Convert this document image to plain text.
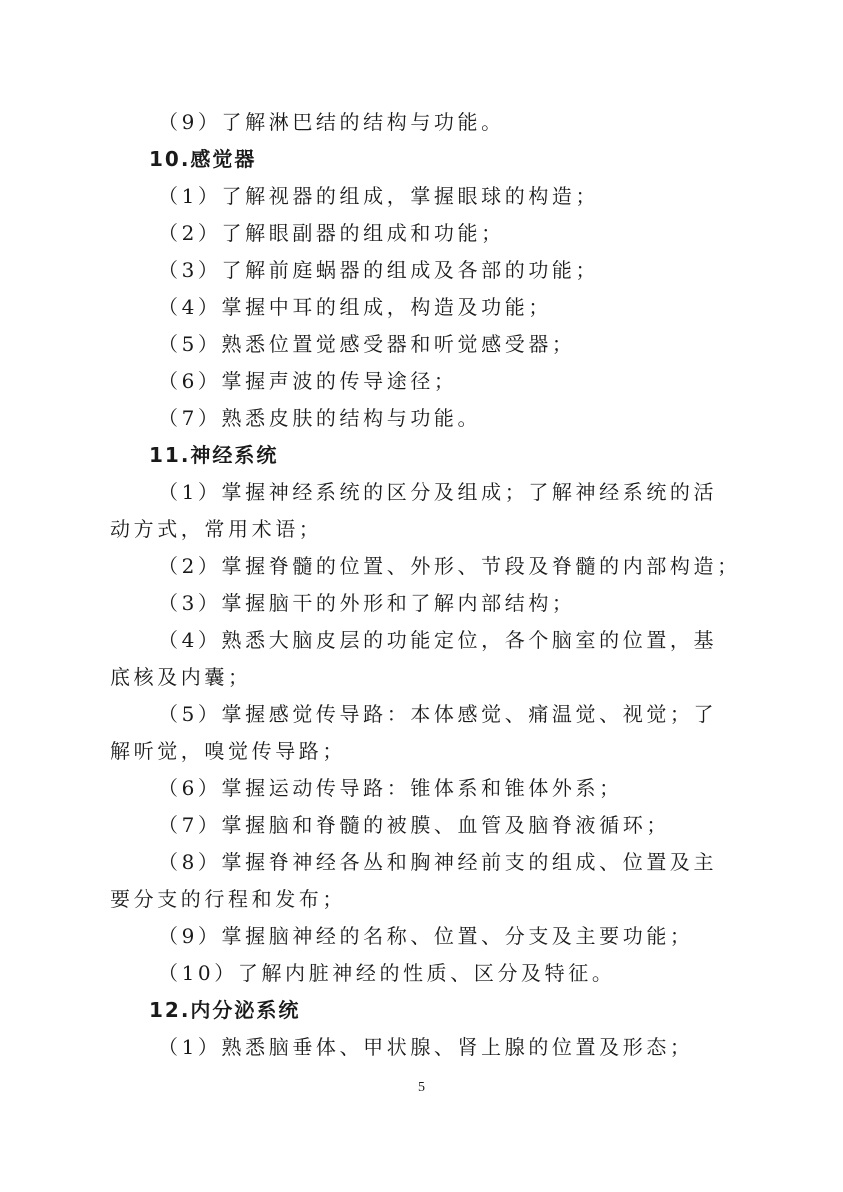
（9）了解淋巴结的结构与功能。
10.感觉器
（1）了解视器的组成，掌握眼球的构造；
（2）了解眼副器的组成和功能；
（3）了解前庭蜗器的组成及各部的功能；
（4）掌握中耳的组成，构造及功能；
（5）熟悉位置觉感受器和听觉感受器；
（6）掌握声波的传导途径；
（7）熟悉皮肤的结构与功能。
11.神经系统
（1）掌握神经系统的区分及组成；了解神经系统的活动方式，常用术语；
（2）掌握脊髓的位置、外形、节段及脊髓的内部构造；
（3）掌握脑干的外形和了解内部结构；
（4）熟悉大脑皮层的功能定位，各个脑室的位置，基底核及内囊；
（5）掌握感觉传导路：本体感觉、痛温觉、视觉；了解听觉，嗅觉传导路；
（6）掌握运动传导路：锥体系和锥体外系；
（7）掌握脑和脊髓的被膜、血管及脑脊液循环；
（8）掌握脊神经各丛和胸神经前支的组成、位置及主要分支的行程和发布；
（9）掌握脑神经的名称、位置、分支及主要功能；
（10）了解内脏神经的性质、区分及特征。
12.内分泌系统
（1）熟悉脑垂体、甲状腺、肾上腺的位置及形态；
5
